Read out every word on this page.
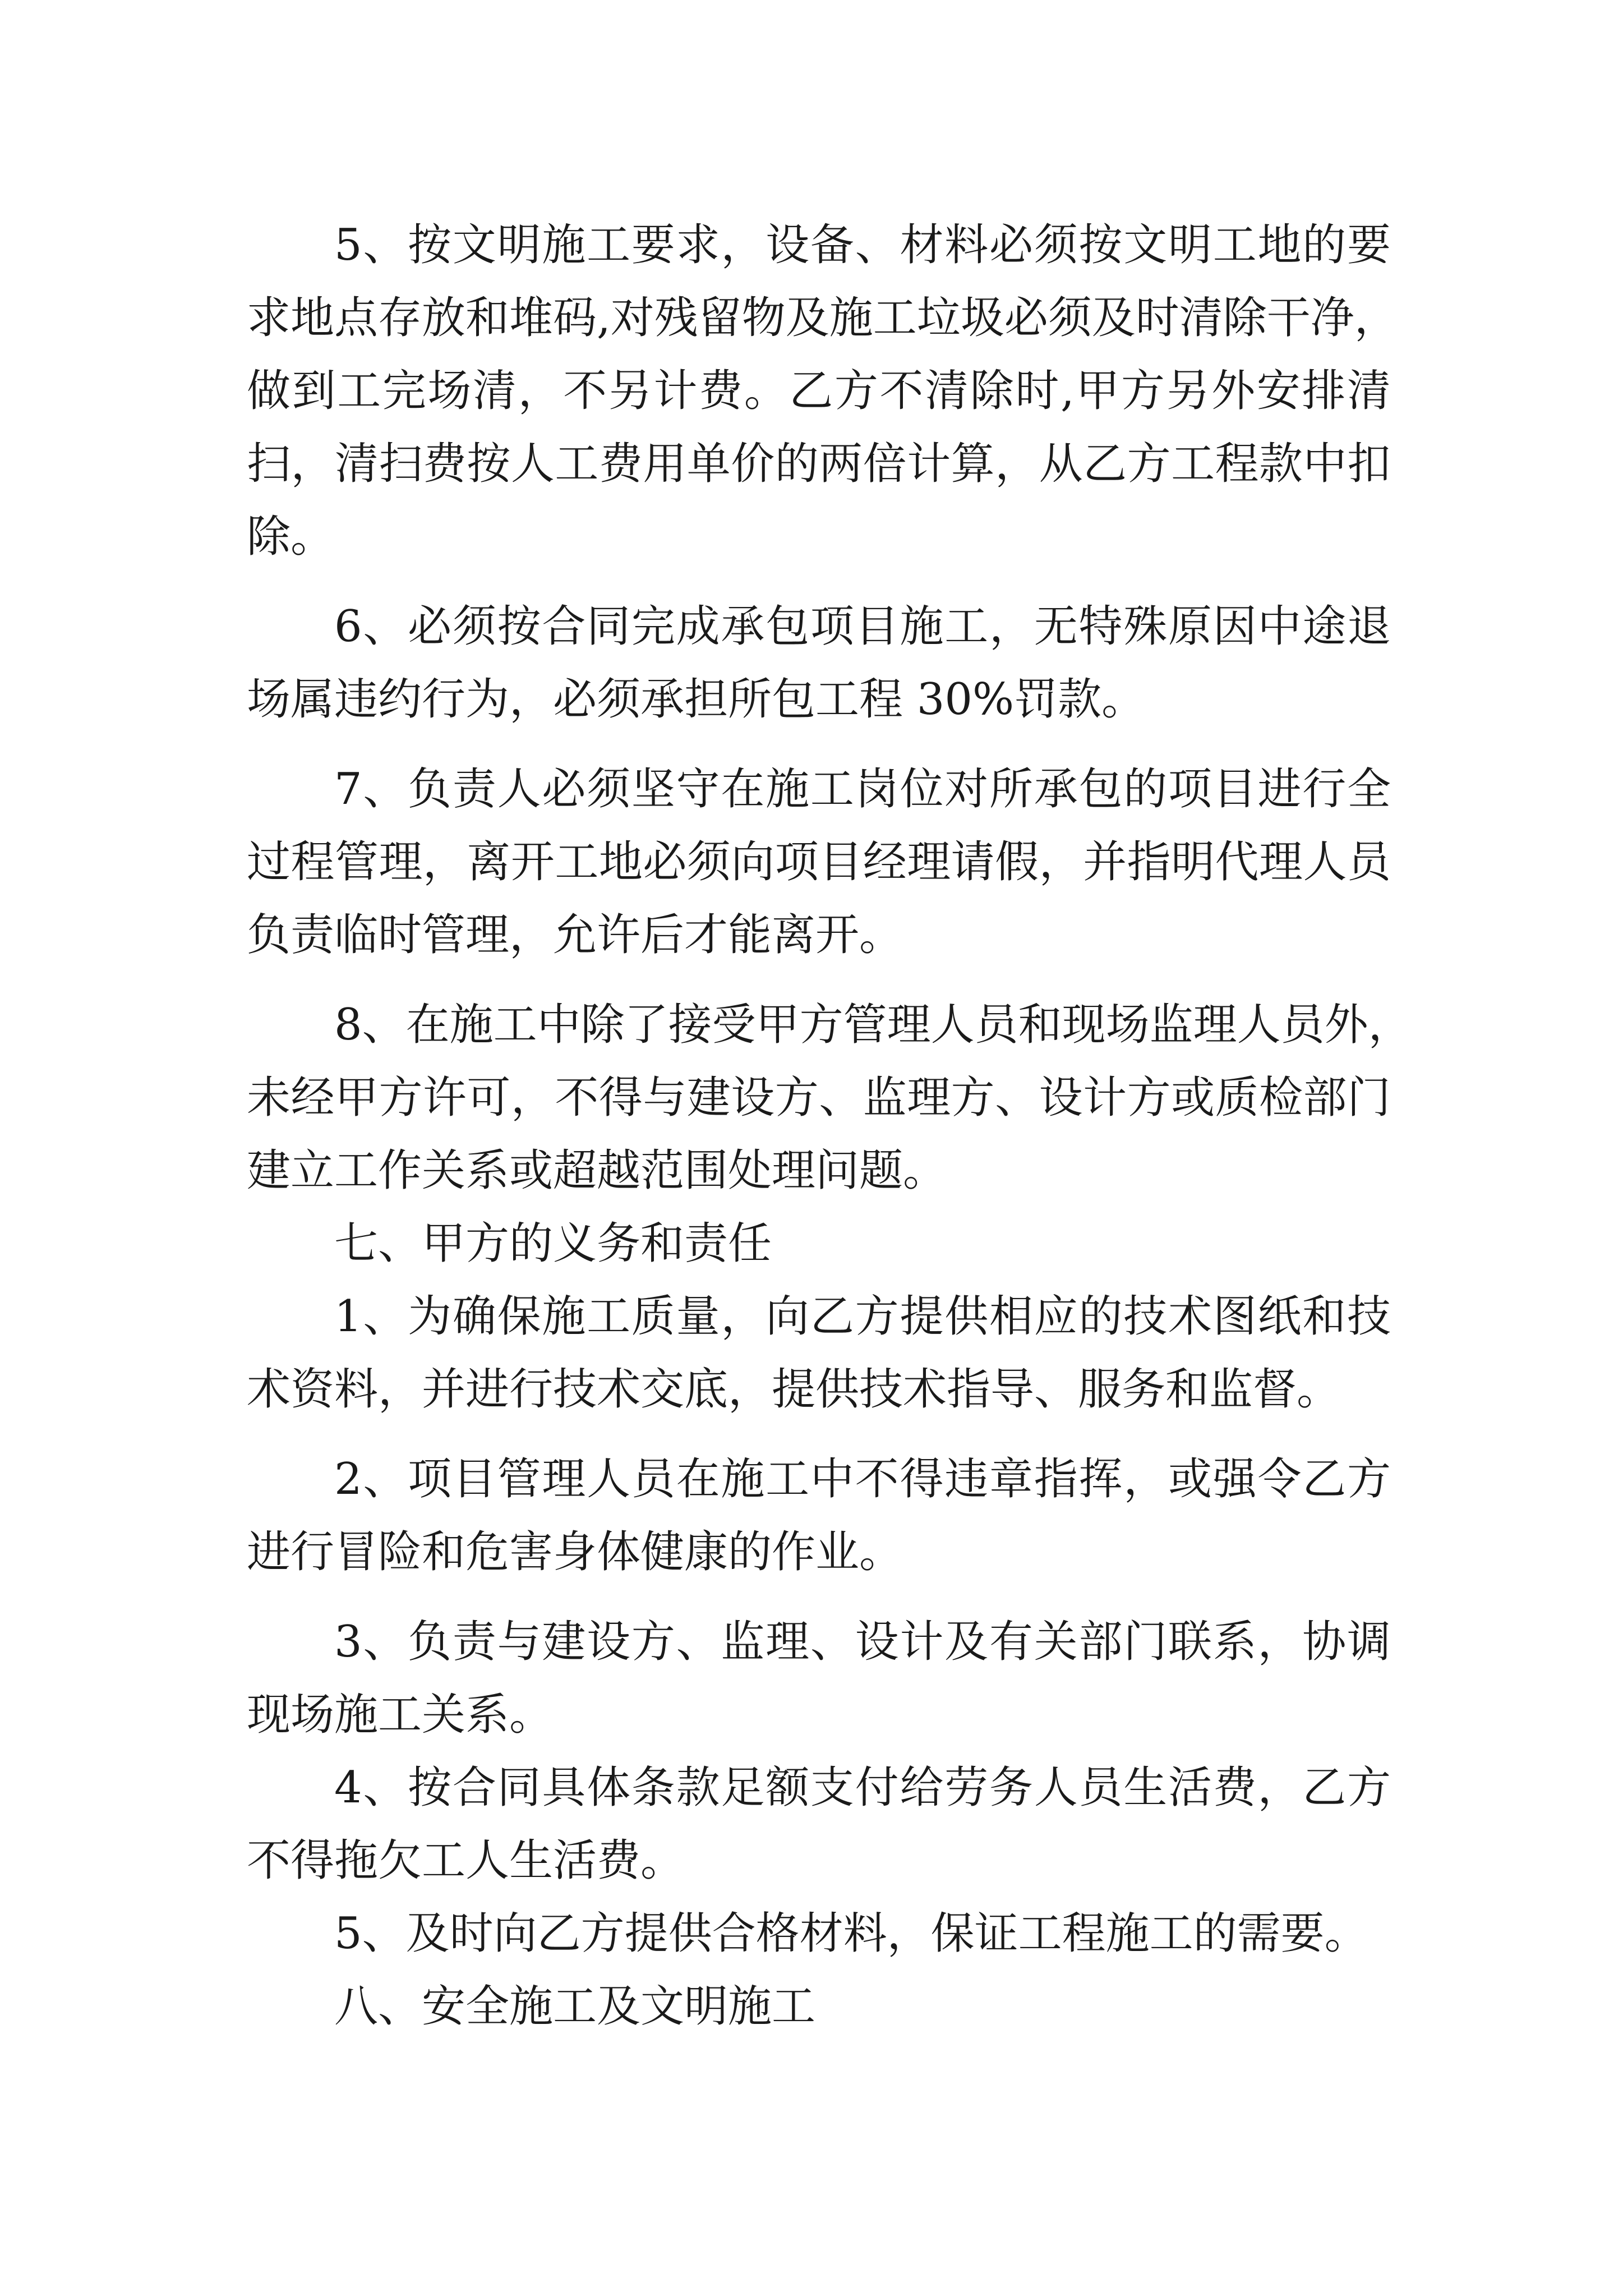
5、按文明施工要求，设备、材料必须按文明工地的要
求地点存放和堆码,对残留物及施工垃圾必须及时清除干净，
做到工完场清，不另计费。乙方不清除时,甲方另外安排清
扫，清扫费按人工费用单价的两倍计算，从乙方工程款中扣
除。
6、必须按合同完成承包项目施工，无特殊原因中途退
场属违约行为，必须承担所包工程 30%罚款。
7、负责人必须坚守在施工岗位对所承包的项目进行全
过程管理，离开工地必须向项目经理请假，并指明代理人员
负责临时管理，允许后才能离开。
8、在施工中除了接受甲方管理人员和现场监理人员外，
未经甲方许可，不得与建设方、监理方、设计方或质检部门
建立工作关系或超越范围处理问题。
七、甲方的义务和责任
1、为确保施工质量，向乙方提供相应的技术图纸和技
术资料，并进行技术交底，提供技术指导、服务和监督。
2、项目管理人员在施工中不得违章指挥，或强令乙方
进行冒险和危害身体健康的作业。
3、负责与建设方、监理、设计及有关部门联系，协调
现场施工关系。
4、按合同具体条款足额支付给劳务人员生活费，乙方
不得拖欠工人生活费。
5、及时向乙方提供合格材料，保证工程施工的需要。
八、安全施工及文明施工
